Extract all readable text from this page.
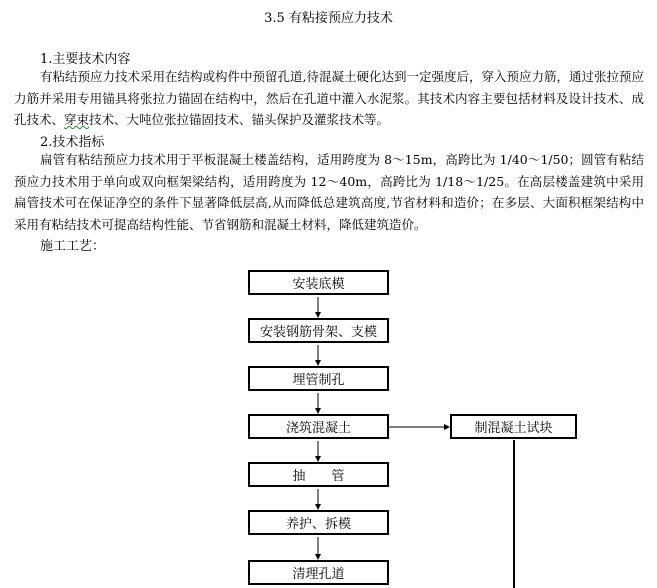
3.5 有粘接预应力技术
1.主要技术内容
有粘结预应力技术采用在结构或构件中预留孔道,待混凝土硬化达到一定强度后，穿入预应力筋，通过张拉预应力筋并采用专用锚具将张拉力锚固在结构中，然后在孔道中灌入水泥浆。其技术内容主要包括材料及设计技术、成孔技术、穿束技术、大吨位张拉锚固技术、锚头保护及灌浆技术等。
2.技术指标
扁管有粘结预应力技术用于平板混凝土楼盖结构，适用跨度为 8～15m，高跨比为 1/40～1/50；圆管有粘结预应力技术用于单向或双向框架梁结构，适用跨度为 12～40m，高跨比为 1/18～1/25。在高层楼盖建筑中采用扁管技术可在保证净空的条件下显著降低层高,从而降低总建筑高度,节省材料和造价；在多层、大面积框架结构中采用有粘结技术可提高结构性能、节省钢筋和混凝土材料，降低建筑造价。
施工工艺：
安装底模
安装钢筋骨架、支模
埋管制孔
浇筑混凝土	制混凝土试块
抽　　管
养护、拆模
清理孔道
